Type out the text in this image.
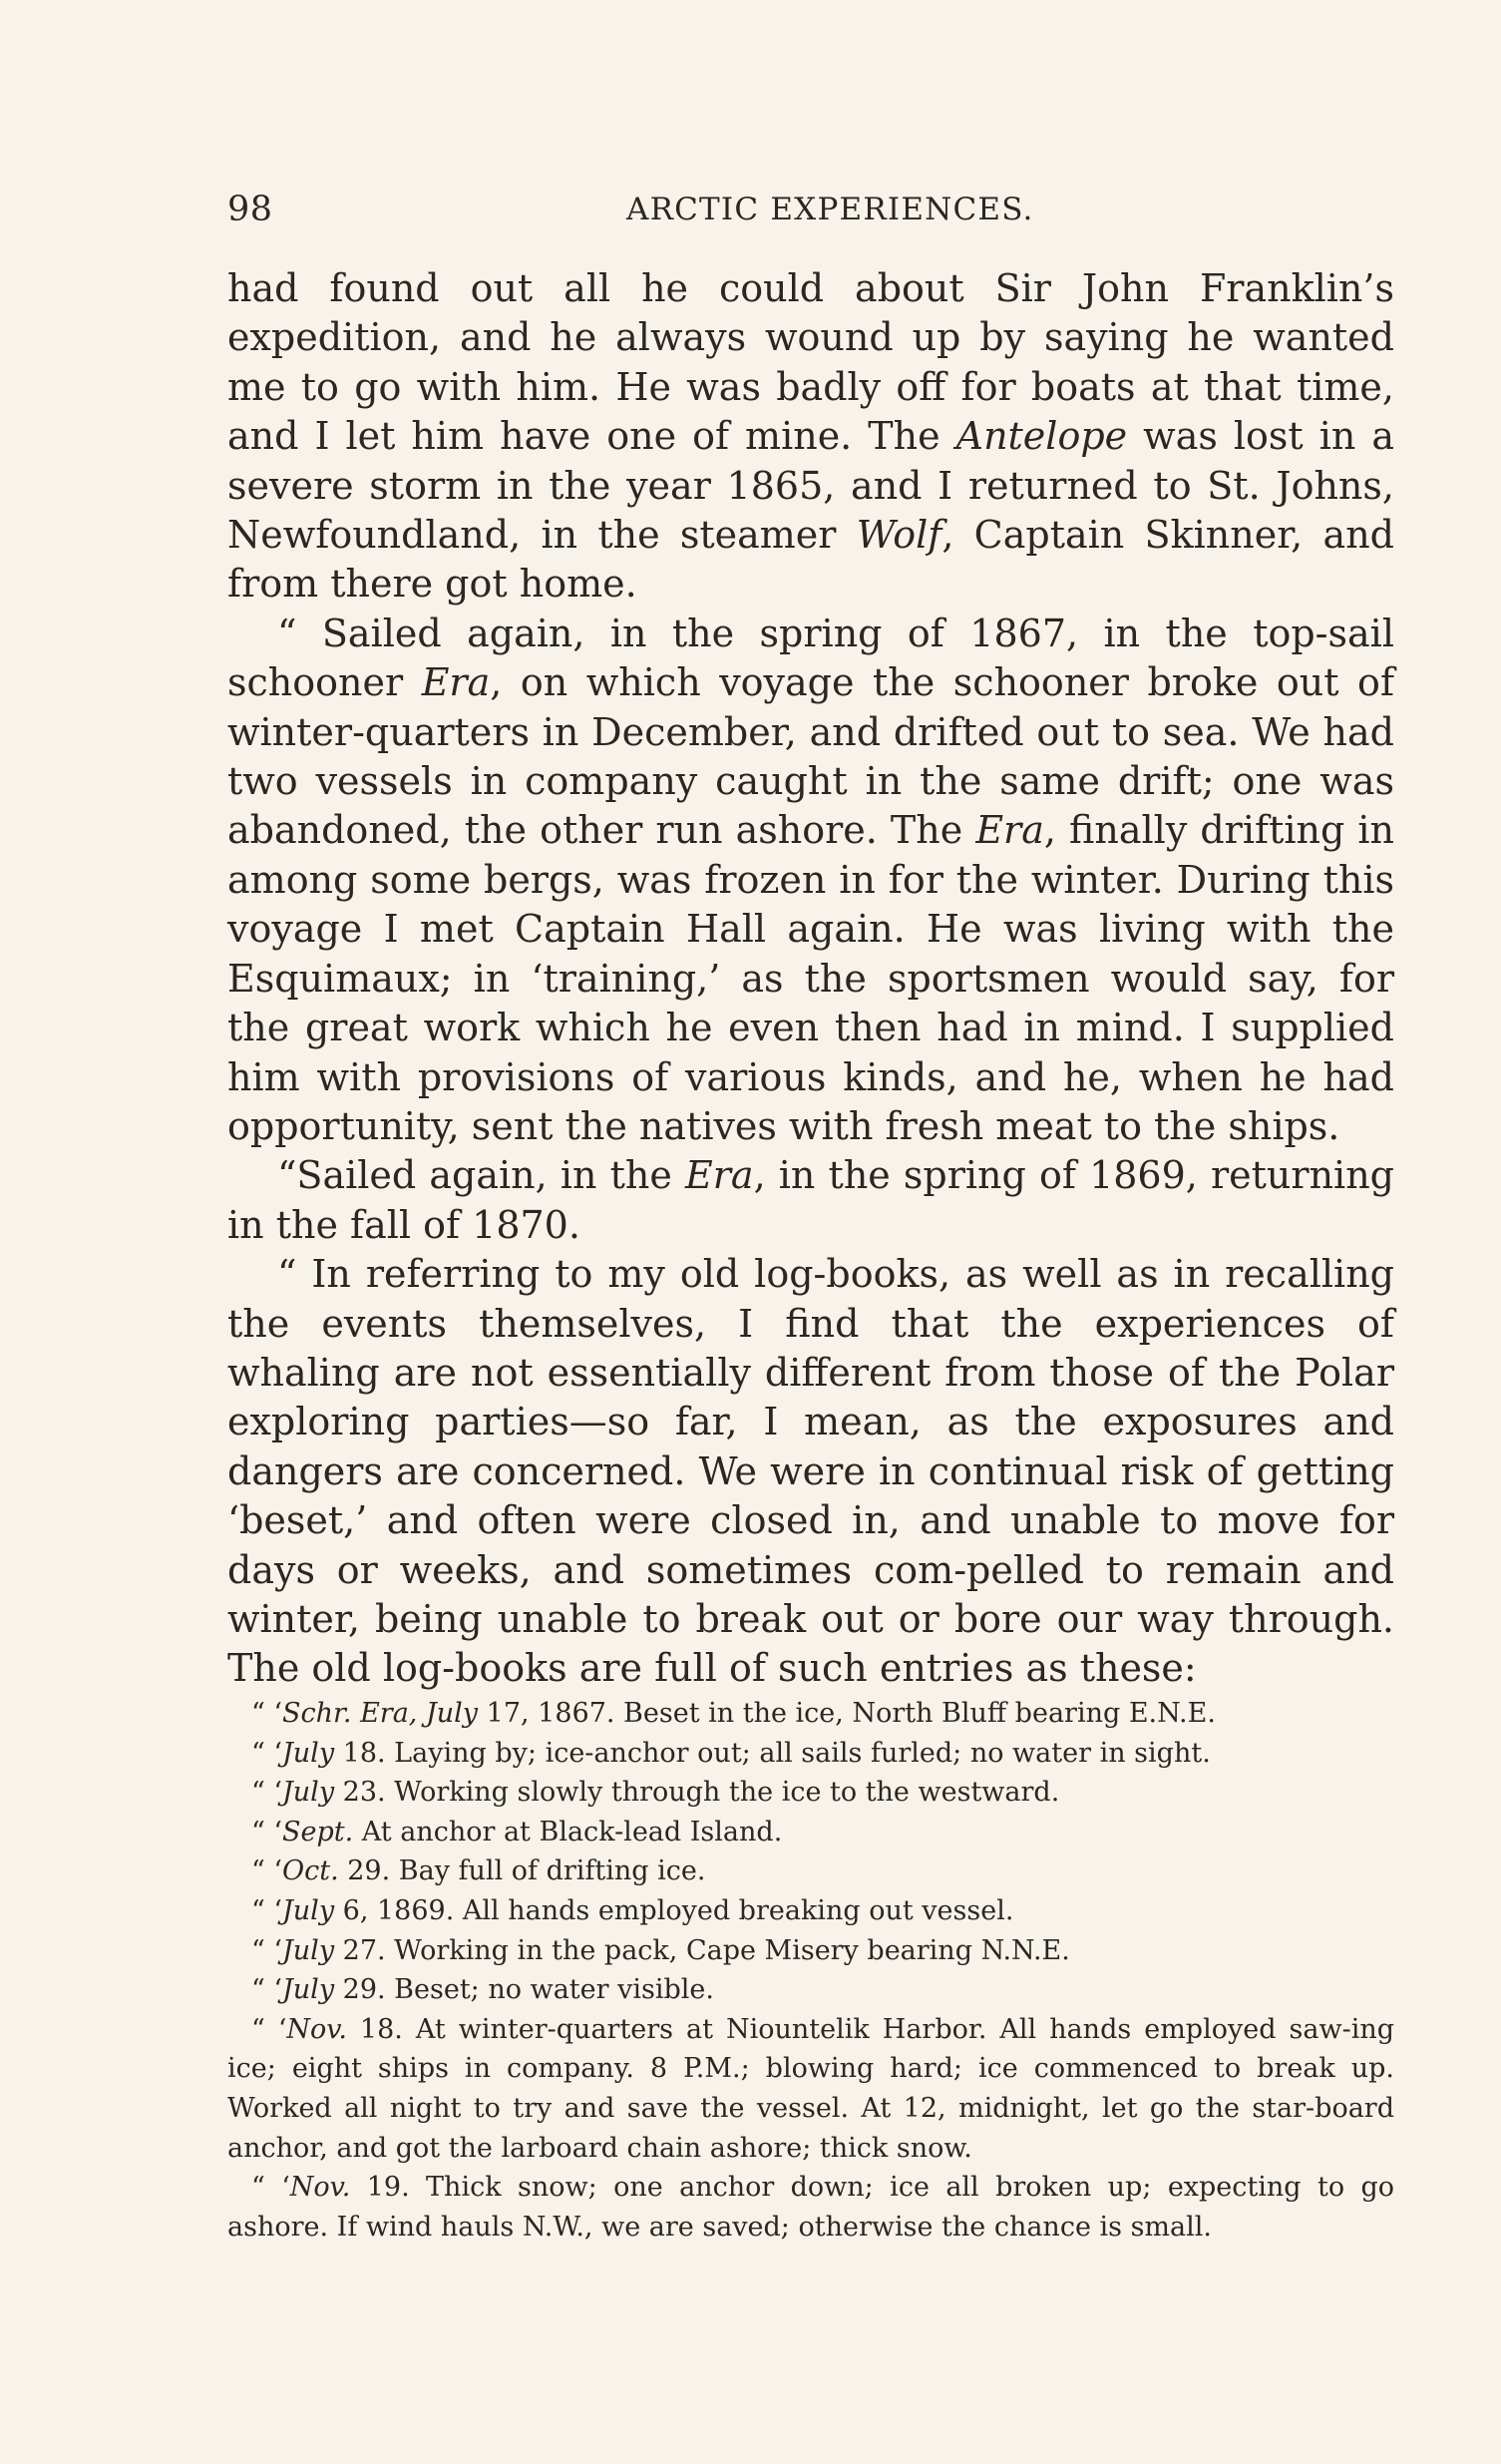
98	ARCTIC EXPERIENCES.

had found out all he could about Sir John Franklin’s expedition, and he always wound up by saying he wanted me to go with him. He was badly off for boats at that time, and I let him have one of mine. The Antelope was lost in a severe storm in the year 1865, and I returned to St. Johns, Newfoundland, in the steamer Wolf, Captain Skinner, and from there got home.

“ Sailed again, in the spring of 1867, in the top-sail schooner Era, on which voyage the schooner broke out of winter-quarters in December, and drifted out to sea. We had two vessels in company caught in the same drift; one was abandoned, the other run ashore. The Era, finally drifting in among some bergs, was frozen in for the winter. During this voyage I met Captain Hall again. He was living with the Esquimaux; in ‘training,’ as the sportsmen would say, for the great work which he even then had in mind. I supplied him with provisions of various kinds, and he, when he had opportunity, sent the natives with fresh meat to the ships.

“Sailed again, in the Era, in the spring of 1869, returning in the fall of 1870.

“ In referring to my old log-books, as well as in recalling the events themselves, I find that the experiences of whaling are not essentially different from those of the Polar exploring parties—so far, I mean, as the exposures and dangers are concerned. We were in continual risk of getting ‘beset,’ and often were closed in, and unable to move for days or weeks, and sometimes com-pelled to remain and winter, being unable to break out or bore our way through. The old log-books are full of such entries as these:

“ ‘Schr. Era, July 17, 1867. Beset in the ice, North Bluff bearing E.N.E.

“ ‘July 18. Laying by; ice-anchor out; all sails furled; no water in sight.

“ ‘July 23. Working slowly through the ice to the westward.

“ ‘Sept. At anchor at Black-lead Island.

“ ‘Oct. 29. Bay full of drifting ice.

“ ‘July 6, 1869. All hands employed breaking out vessel.

“ ‘July 27. Working in the pack, Cape Misery bearing N.N.E.

“ ‘July 29. Beset; no water visible.

“ ‘Nov. 18. At winter-quarters at Niountelik Harbor. All hands employed saw-ing ice; eight ships in company. 8 P.M.; blowing hard; ice commenced to break up. Worked all night to try and save the vessel. At 12, midnight, let go the star-board anchor, and got the larboard chain ashore; thick snow.

“ ‘Nov. 19. Thick snow; one anchor down; ice all broken up; expecting to go ashore. If wind hauls N.W., we are saved; otherwise the chance is small.
